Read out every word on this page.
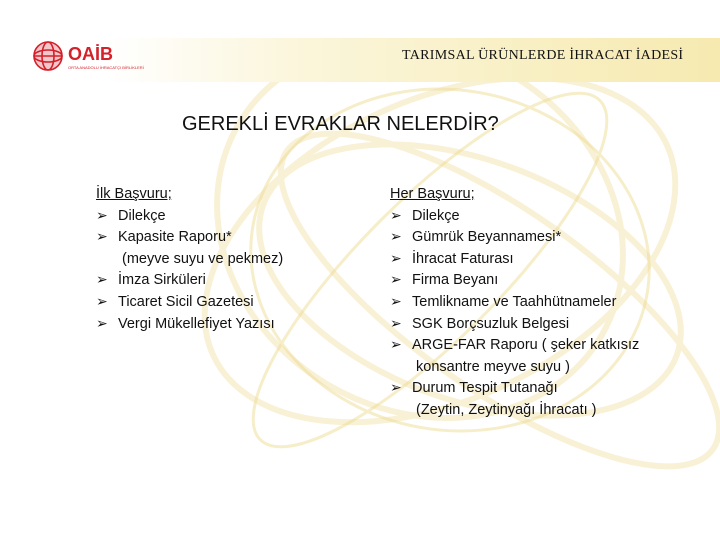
OAİB
ORTA ANADOLU İHRACATÇI BİRLİKLERİ
TARIMSAL ÜRÜNLERDE İHRACAT İADESİ
GEREKLİ EVRAKLAR NELERDİR?
İlk Başvuru;
➢ Dilekçe
➢ Kapasite Raporu*
(meyve suyu ve pekmez)
➢ İmza Sirküleri
➢ Ticaret Sicil Gazetesi
➢ Vergi Mükellefiyet Yazısı
Her Başvuru;
➢ Dilekçe
➢ Gümrük Beyannamesi*
➢ İhracat Faturası
➢ Firma Beyanı
➢ Temlikname ve Taahhütnameler
➢ SGK Borçsuzluk Belgesi
➢ ARGE-FAR Raporu ( şeker katkısız
konsantre meyve suyu )
➢ Durum Tespit Tutanağı
(Zeytin, Zeytinyağı İhracatı )
